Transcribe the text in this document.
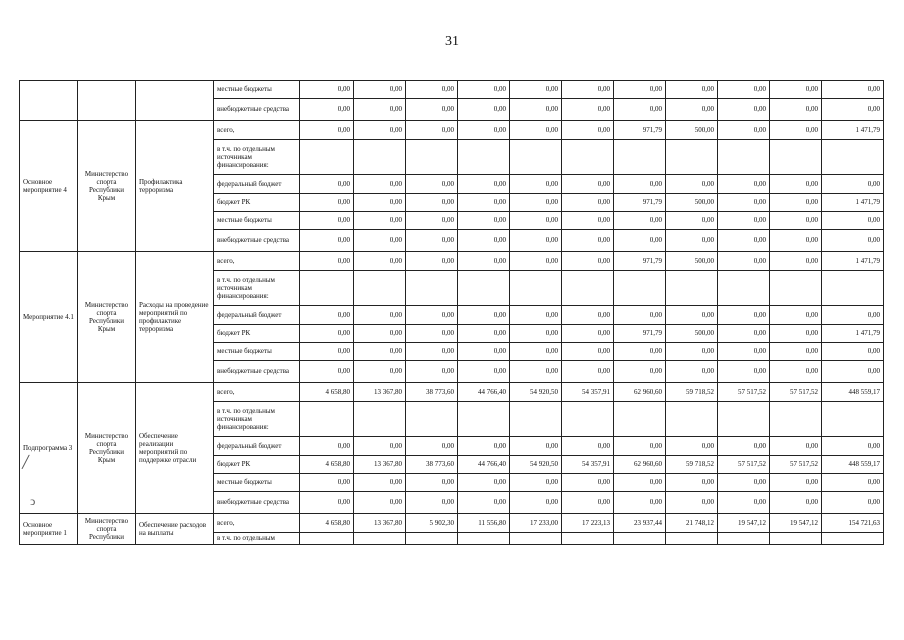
31
			местные бюджеты	0,00	0,00	0,00	0,00	0,00	0,00	0,00	0,00	0,00	0,00	0,00
			внебюджетные средства	0,00	0,00	0,00	0,00	0,00	0,00	0,00	0,00	0,00	0,00	0,00
Основное мероприятие 4	Министерство спорта Республики Крым	Профилактика терроризма	всего,	0,00	0,00	0,00	0,00	0,00	0,00	971,79	500,00	0,00	0,00	1 471,79
			в т.ч. по отдельным источникам финансирования:											
			федеральный бюджет	0,00	0,00	0,00	0,00	0,00	0,00	0,00	0,00	0,00	0,00	0,00
			бюджет РК	0,00	0,00	0,00	0,00	0,00	0,00	971,79	500,00	0,00	0,00	1 471,79
			местные бюджеты	0,00	0,00	0,00	0,00	0,00	0,00	0,00	0,00	0,00	0,00	0,00
			внебюджетные средства	0,00	0,00	0,00	0,00	0,00	0,00	0,00	0,00	0,00	0,00	0,00
Мероприятие 4.1	Министерство спорта Республики Крым	Расходы на проведение мероприятий по профилактике терроризма	всего,	0,00	0,00	0,00	0,00	0,00	0,00	971,79	500,00	0,00	0,00	1 471,79
			в т.ч. по отдельным источникам финансирования:											
			федеральный бюджет	0,00	0,00	0,00	0,00	0,00	0,00	0,00	0,00	0,00	0,00	0,00
			бюджет РК	0,00	0,00	0,00	0,00	0,00	0,00	971,79	500,00	0,00	0,00	1 471,79
			местные бюджеты	0,00	0,00	0,00	0,00	0,00	0,00	0,00	0,00	0,00	0,00	0,00
			внебюджетные средства	0,00	0,00	0,00	0,00	0,00	0,00	0,00	0,00	0,00	0,00	0,00
Подпрограмма 3	Министерство спорта Республики Крым	Обеспечение реализации мероприятий по поддержке отрасли	всего,	4 658,80	13 367,80	38 773,60	44 766,40	54 920,50	54 357,91	62 960,60	59 718,52	57 517,52	57 517,52	448 559,17
			в т.ч. по отдельным источникам финансирования:											
			федеральный бюджет	0,00	0,00	0,00	0,00	0,00	0,00	0,00	0,00	0,00	0,00	0,00
			бюджет РК	4 658,80	13 367,80	38 773,60	44 766,40	54 920,50	54 357,91	62 960,60	59 718,52	57 517,52	57 517,52	448 559,17
			местные бюджеты	0,00	0,00	0,00	0,00	0,00	0,00	0,00	0,00	0,00	0,00	0,00
			внебюджетные средства	0,00	0,00	0,00	0,00	0,00	0,00	0,00	0,00	0,00	0,00	0,00
Основное мероприятие 1	Министерство спорта Республики	Обеспечение расходов на выплаты	всего,	4 658,80	13 367,80	5 902,30	11 556,80	17 233,00	17 223,13	23 937,44	21 748,12	19 547,12	19 547,12	154 721,63
			в т.ч. по отдельным											
╱
ↄ
